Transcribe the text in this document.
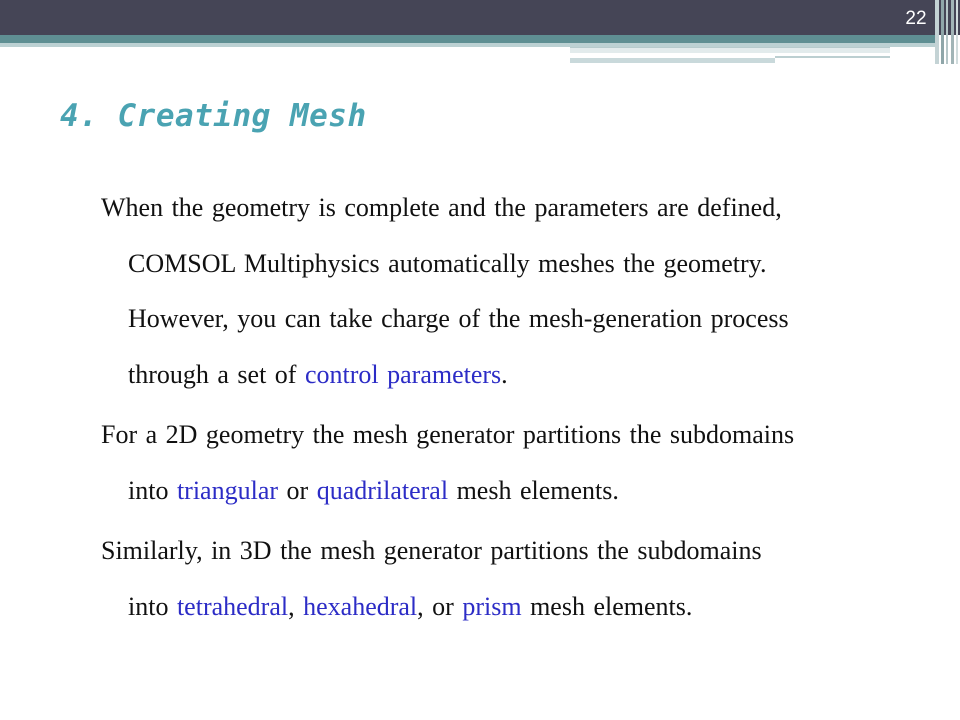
22
4. Creating Mesh

When the geometry is complete and the parameters are defined,
COMSOL Multiphysics automatically meshes the geometry.
However, you can take charge of the mesh-generation process
through a set of control parameters.

For a 2D geometry the mesh generator partitions the subdomains
into triangular or quadrilateral mesh elements.

Similarly, in 3D the mesh generator partitions the subdomains
into tetrahedral, hexahedral, or prism mesh elements.
